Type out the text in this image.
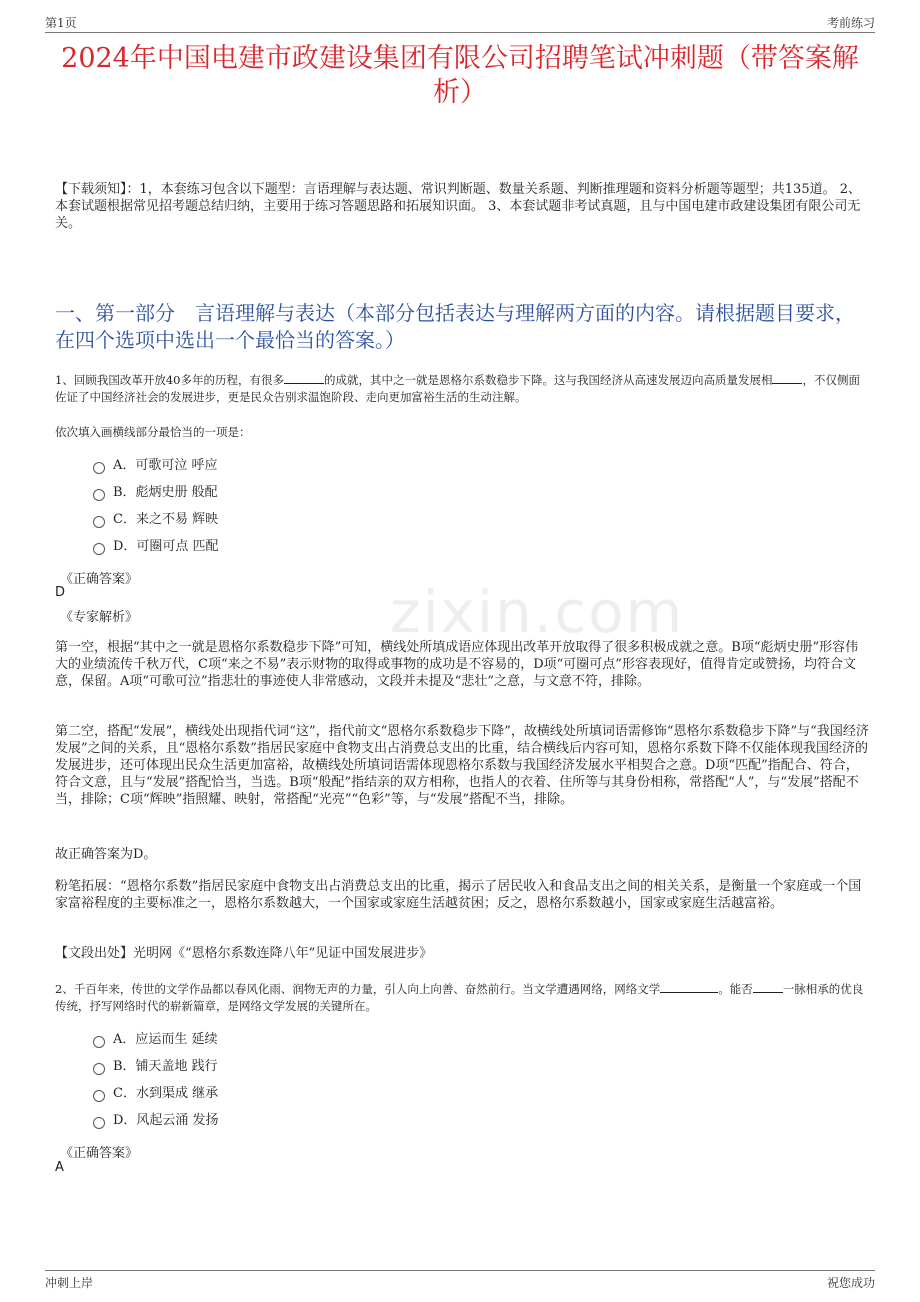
第1页	考前练习
zixin.com
2024年中国电建市政建设集团有限公司招聘笔试冲刺题（带答案解析）
【下载须知】：1，本套练习包含以下题型：言语理解与表达题、常识判断题、数量关系题、判断推理题和资料分析题等题型；共135道。 2、本套试题根据常见招考题总结归纳，主要用于练习答题思路和拓展知识面。 3、本套试题非考试真题，且与中国电建市政建设集团有限公司无关。
一、第一部分　言语理解与表达（本部分包括表达与理解两方面的内容。请根据题目要求，在四个选项中选出一个最恰当的答案。）
1、回顾我国改革开放40多年的历程，有很多	的成就，其中之一就是恩格尔系数稳步下降。这与我国经济从高速发展迈向高质量发展相	，不仅侧面佐证了中国经济社会的发展进步，更是民众告别求温饱阶段、走向更加富裕生活的生动注解。
依次填入画横线部分最恰当的一项是：
A．可歌可泣 呼应
B．彪炳史册 般配
C．来之不易 辉映
D．可圈可点 匹配
《正确答案》
D
《专家解析》
第一空，根据“其中之一就是恩格尔系数稳步下降”可知，横线处所填成语应体现出改革开放取得了很多积极成就之意。B项“彪炳史册”形容伟大的业绩流传千秋万代，C项“来之不易”表示财物的取得或事物的成功是不容易的，D项“可圈可点”形容表现好，值得肯定或赞扬，均符合文意，保留。A项“可歌可泣”指悲壮的事迹使人非常感动，文段并未提及“悲壮”之意，与文意不符，排除。
第二空，搭配“发展”，横线处出现指代词“这”，指代前文“恩格尔系数稳步下降”，故横线处所填词语需修饰“恩格尔系数稳步下降”与“我国经济发展”之间的关系，且“恩格尔系数”指居民家庭中食物支出占消费总支出的比重，结合横线后内容可知，恩格尔系数下降不仅能体现我国经济的发展进步，还可体现出民众生活更加富裕，故横线处所填词语需体现恩格尔系数与我国经济发展水平相契合之意。D项“匹配”指配合、符合，符合文意，且与“发展”搭配恰当，当选。B项“般配”指结亲的双方相称，也指人的衣着、住所等与其身份相称，常搭配“人”，与“发展”搭配不当，排除；C项“辉映”指照耀、映射，常搭配“光亮”“色彩”等，与“发展”搭配不当，排除。
故正确答案为D。
粉笔拓展：“恩格尔系数”指居民家庭中食物支出占消费总支出的比重，揭示了居民收入和食品支出之间的相关关系，是衡量一个家庭或一个国家富裕程度的主要标准之一，恩格尔系数越大，一个国家或家庭生活越贫困；反之，恩格尔系数越小，国家或家庭生活越富裕。
【文段出处】光明网《“恩格尔系数连降八年”见证中国发展进步》
2、千百年来，传世的文学作品都以春风化雨、润物无声的力量，引人向上向善、奋然前行。当文学遭遇网络，网络文学	。能否	一脉相承的优良传统，抒写网络时代的崭新篇章，是网络文学发展的关键所在。
A．应运而生 延续
B．铺天盖地 践行
C．水到渠成 继承
D．风起云涌 发扬
《正确答案》
A
冲刺上岸	祝您成功
